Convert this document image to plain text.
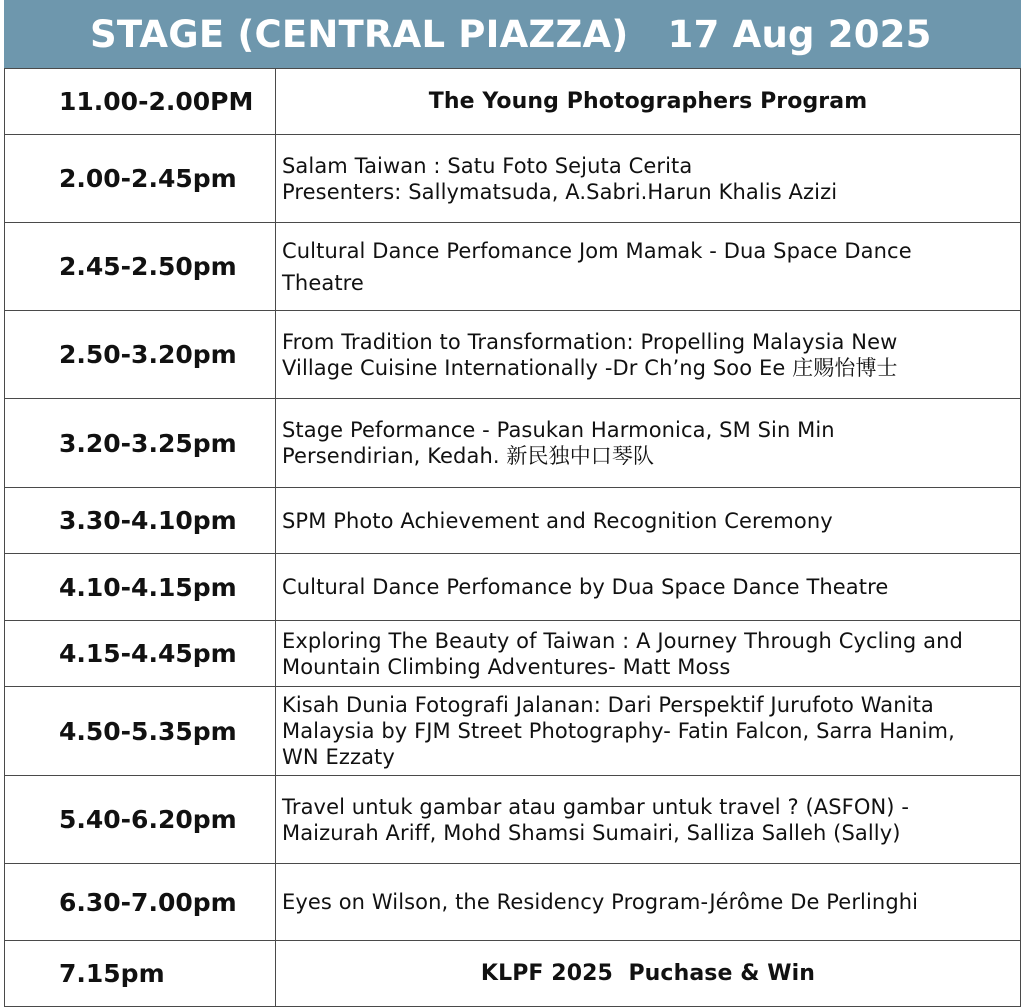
STAGE (CENTRAL PIAZZA)   17 Aug 2025
11.00-2.00PM	The Young Photographers Program

2.00-2.45pm	Salam Taiwan : Satu Foto Sejuta Cerita
Presenters: Sallymatsuda, A.Sabri.Harun Khalis Azizi

2.45-2.50pm	Cultural Dance Perfomance Jom Mamak - Dua Space Dance
Theatre

2.50-3.20pm	From Tradition to Transformation: Propelling Malaysia New
Village Cuisine Internationally -Dr Ch’ng Soo Ee 庄赐怡博士

3.20-3.25pm	Stage Peformance - Pasukan Harmonica, SM Sin Min
Persendirian, Kedah. 新民独中口琴队

3.30-4.10pm	SPM Photo Achievement and Recognition Ceremony

4.10-4.15pm	Cultural Dance Perfomance by Dua Space Dance Theatre

4.15-4.45pm	Exploring The Beauty of Taiwan : A Journey Through Cycling and
Mountain Climbing Adventures- Matt Moss

4.50-5.35pm	Kisah Dunia Fotografi Jalanan: Dari Perspektif Jurufoto Wanita
Malaysia by FJM Street Photography- Fatin Falcon, Sarra Hanim,
WN Ezzaty

5.40-6.20pm	Travel untuk gambar atau gambar untuk travel ? (ASFON) -
Maizurah Ariff, Mohd Shamsi Sumairi, Salliza Salleh (Sally)

6.30-7.00pm	Eyes on Wilson, the Residency Program-Jérôme De Perlinghi

7.15pm	KLPF 2025  Puchase & Win
